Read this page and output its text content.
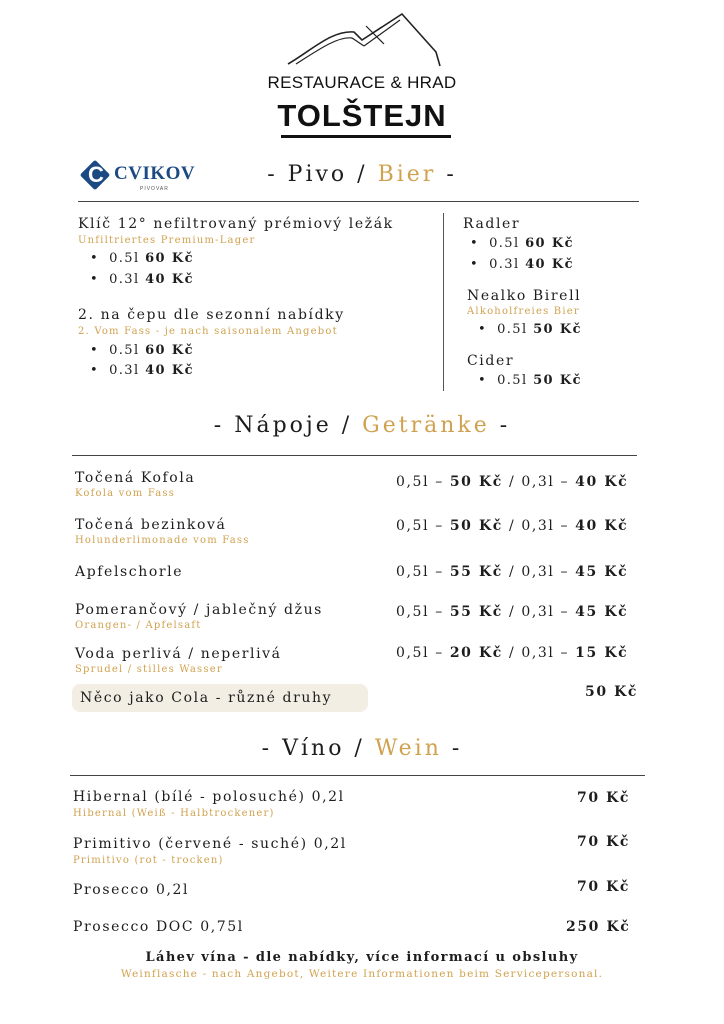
RESTAURACE & HRAD
TOLŠTEJN
C CVIKOV
PIVOVAR
- Pivo / Bier -
Klíč 12° nefiltrovaný prémiový ležák
Unfiltriertes Premium-Lager
• 0.5l 60 Kč
• 0.3l 40 Kč
2. na čepu dle sezonní nabídky
2. Vom Fass - je nach saisonalem Angebot
• 0.5l 60 Kč
• 0.3l 40 Kč
Radler
• 0.5l 60 Kč
• 0.3l 40 Kč
Nealko Birell
Alkoholfreies Bier
• 0.5l 50 Kč
Cider
• 0.5l 50 Kč
- Nápoje / Getränke -
Točená Kofola
Kofola vom Fass
0,5l – 50 Kč / 0,3l – 40 Kč
Točená bezinková
Holunderlimonade vom Fass
0,5l – 50 Kč / 0,3l – 40 Kč
Apfelschorle	0,5l – 55 Kč / 0,3l – 45 Kč
Pomerančový / jablečný džus
Orangen- / Apfelsaft
0,5l – 55 Kč / 0,3l – 45 Kč
Voda perlivá / neperlivá
Sprudel / stilles Wasser
0,5l – 20 Kč / 0,3l – 15 Kč
Něco jako Cola - různé druhy	50 Kč
- Víno / Wein -
Hibernal (bílé - polosuché) 0,2l
Hibernal (Weiß - Halbtrockener)
70 Kč
Primitivo (červené - suché) 0,2l
Primitivo (rot - trocken)
70 Kč
Prosecco 0,2l	70 Kč
Prosecco DOC 0,75l	250 Kč
Láhev vína - dle nabídky, více informací u obsluhy
Weinflasche - nach Angebot, Weitere Informationen beim Servicepersonal.
